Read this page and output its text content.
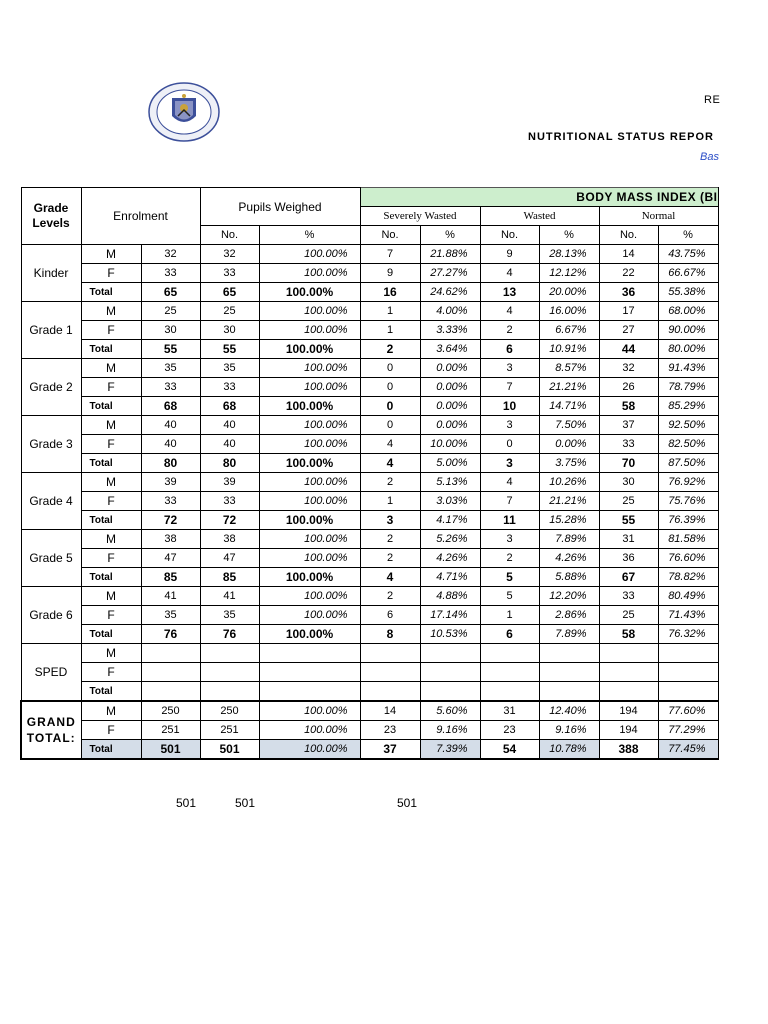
RE
NUTRITIONAL STATUS REPOR
Bas
Grade Levels	Enrolment		Pupils Weighed		BODY MASS INDEX (BI					
					Severely Wasted		Wasted		Normal	
			No.	%	No.	%	No.	%	No.	%
Kinder	M	32	32	100.00%	7	21.88%	9	28.13%	14	43.75%
	F	33	33	100.00%	9	27.27%	4	12.12%	22	66.67%
	Total	65	65	100.00%	16	24.62%	13	20.00%	36	55.38%
Grade 1	M	25	25	100.00%	1	4.00%	4	16.00%	17	68.00%
	F	30	30	100.00%	1	3.33%	2	6.67%	27	90.00%
	Total	55	55	100.00%	2	3.64%	6	10.91%	44	80.00%
Grade 2	M	35	35	100.00%	0	0.00%	3	8.57%	32	91.43%
	F	33	33	100.00%	0	0.00%	7	21.21%	26	78.79%
	Total	68	68	100.00%	0	0.00%	10	14.71%	58	85.29%
Grade 3	M	40	40	100.00%	0	0.00%	3	7.50%	37	92.50%
	F	40	40	100.00%	4	10.00%	0	0.00%	33	82.50%
	Total	80	80	100.00%	4	5.00%	3	3.75%	70	87.50%
Grade 4	M	39	39	100.00%	2	5.13%	4	10.26%	30	76.92%
	F	33	33	100.00%	1	3.03%	7	21.21%	25	75.76%
	Total	72	72	100.00%	3	4.17%	11	15.28%	55	76.39%
Grade 5	M	38	38	100.00%	2	5.26%	3	7.89%	31	81.58%
	F	47	47	100.00%	2	4.26%	2	4.26%	36	76.60%
	Total	85	85	100.00%	4	4.71%	5	5.88%	67	78.82%
Grade 6	M	41	41	100.00%	2	4.88%	5	12.20%	33	80.49%
	F	35	35	100.00%	6	17.14%	1	2.86%	25	71.43%
	Total	76	76	100.00%	8	10.53%	6	7.89%	58	76.32%
SPED	M									
	F									
	Total									
GRAND TOTAL:	M	250	250	100.00%	14	5.60%	31	12.40%	194	77.60%
	F	251	251	100.00%	23	9.16%	23	9.16%	194	77.29%
	Total	501	501	100.00%	37	7.39%	54	10.78%	388	77.45%
501	501	501
